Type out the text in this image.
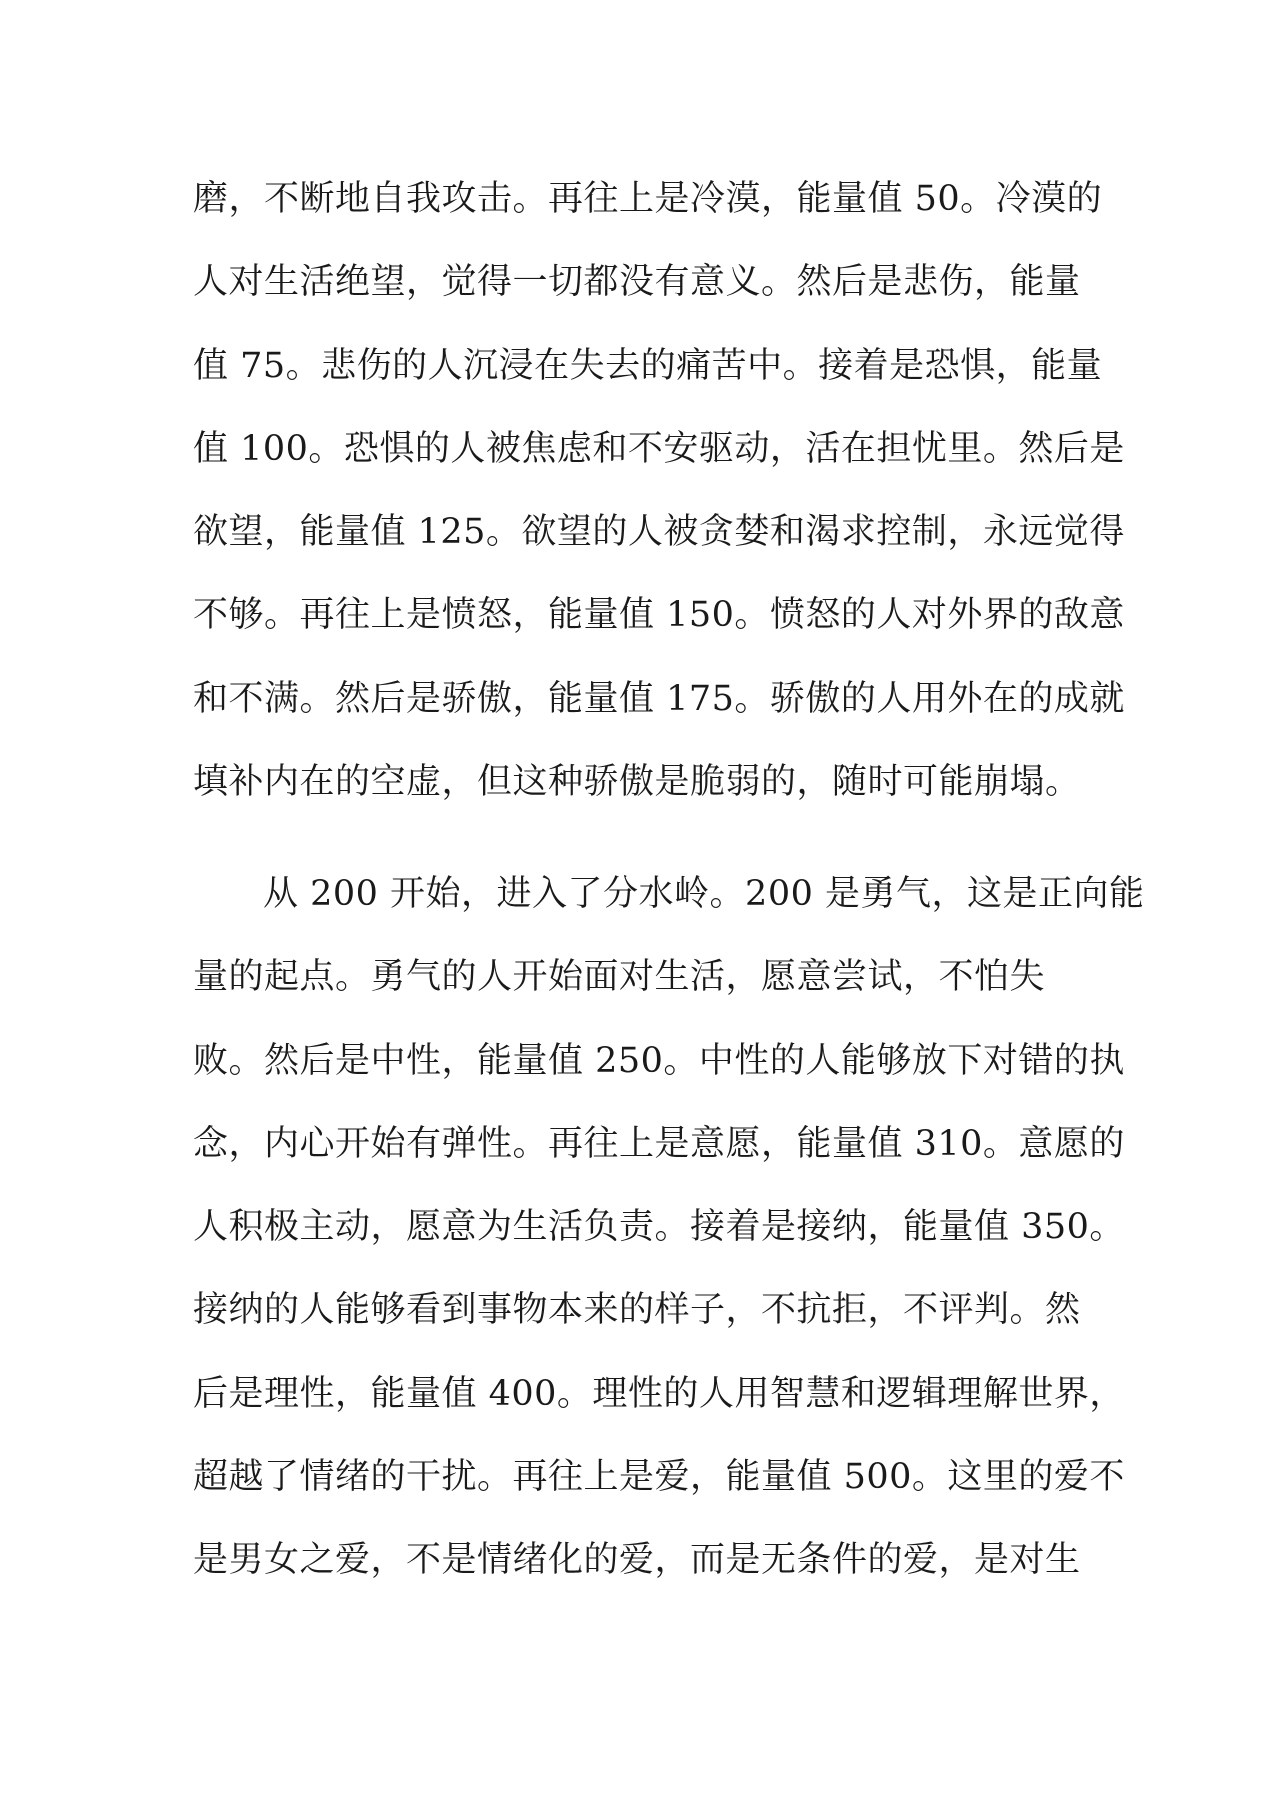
磨，不断地自我攻击。再往上是冷漠，能量值 50。冷漠的
人对生活绝望，觉得一切都没有意义。然后是悲伤，能量
值 75。悲伤的人沉浸在失去的痛苦中。接着是恐惧，能量
值 100。恐惧的人被焦虑和不安驱动，活在担忧里。然后是
欲望，能量值 125。欲望的人被贪婪和渴求控制，永远觉得
不够。再往上是愤怒，能量值 150。愤怒的人对外界的敌意
和不满。然后是骄傲，能量值 175。骄傲的人用外在的成就
填补内在的空虚，但这种骄傲是脆弱的，随时可能崩塌。
从 200 开始，进入了分水岭。200 是勇气，这是正向能
量的起点。勇气的人开始面对生活，愿意尝试，不怕失
败。然后是中性，能量值 250。中性的人能够放下对错的执
念，内心开始有弹性。再往上是意愿，能量值 310。意愿的
人积极主动，愿意为生活负责。接着是接纳，能量值 350。
接纳的人能够看到事物本来的样子，不抗拒，不评判。然
后是理性，能量值 400。理性的人用智慧和逻辑理解世界，
超越了情绪的干扰。再往上是爱，能量值 500。这里的爱不
是男女之爱，不是情绪化的爱，而是无条件的爱，是对生
